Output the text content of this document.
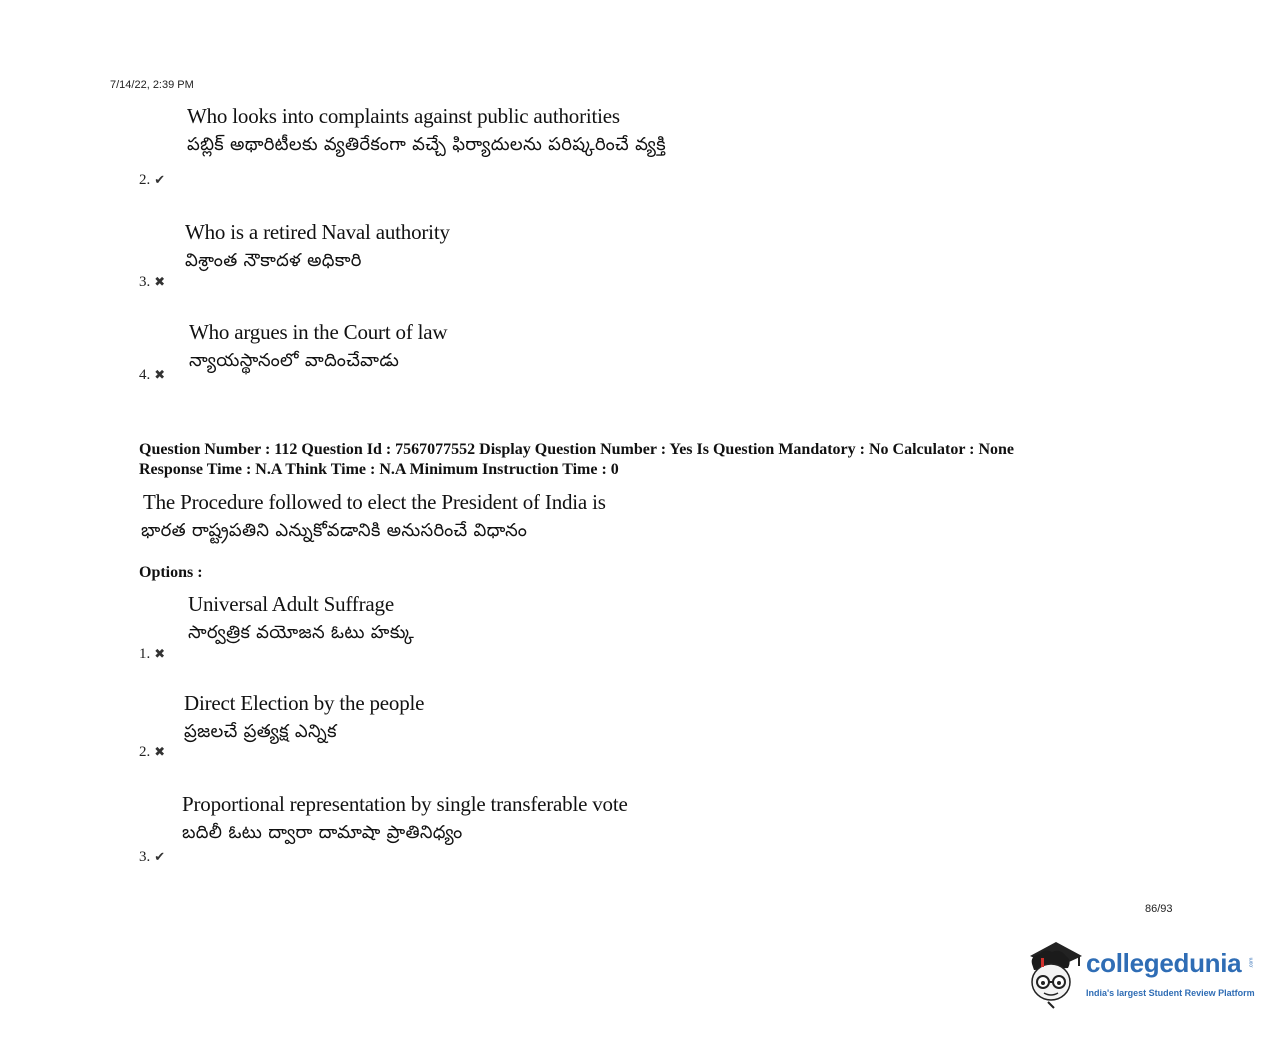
7/14/22, 2:39 PM
Who looks into complaints against public authorities
పబ్లిక్ అథారిటీలకు వ్యతిరేకంగా వచ్చే ఫిర్యాదులను పరిష్కరించే వ్యక్తి
2. ✔
Who is a retired Naval authority
విశ్రాంత నౌకాదళ అధికారి
3. ✖
Who argues in the Court of law
న్యాయస్థానంలో వాదించేవాడు
4. ✖
Question Number : 112 Question Id : 7567077552 Display Question Number : Yes Is Question Mandatory : No Calculator : None
Response Time : N.A Think Time : N.A Minimum Instruction Time : 0
The Procedure followed to elect the President of India is
భారత రాష్ట్రపతిని ఎన్నుకోవడానికి అనుసరించే విధానం
Options :
Universal Adult Suffrage
సార్వత్రిక వయోజన ఓటు హక్కు
1. ✖
Direct Election by the people
ప్రజలచే ప్రత్యక్ష ఎన్నిక
2. ✖
Proportional representation by single transferable vote
బదిలీ ఓటు ద్వారా దామాషా ప్రాతినిధ్యం
3. ✔
86/93
collegedunia .com
India's largest Student Review Platform
